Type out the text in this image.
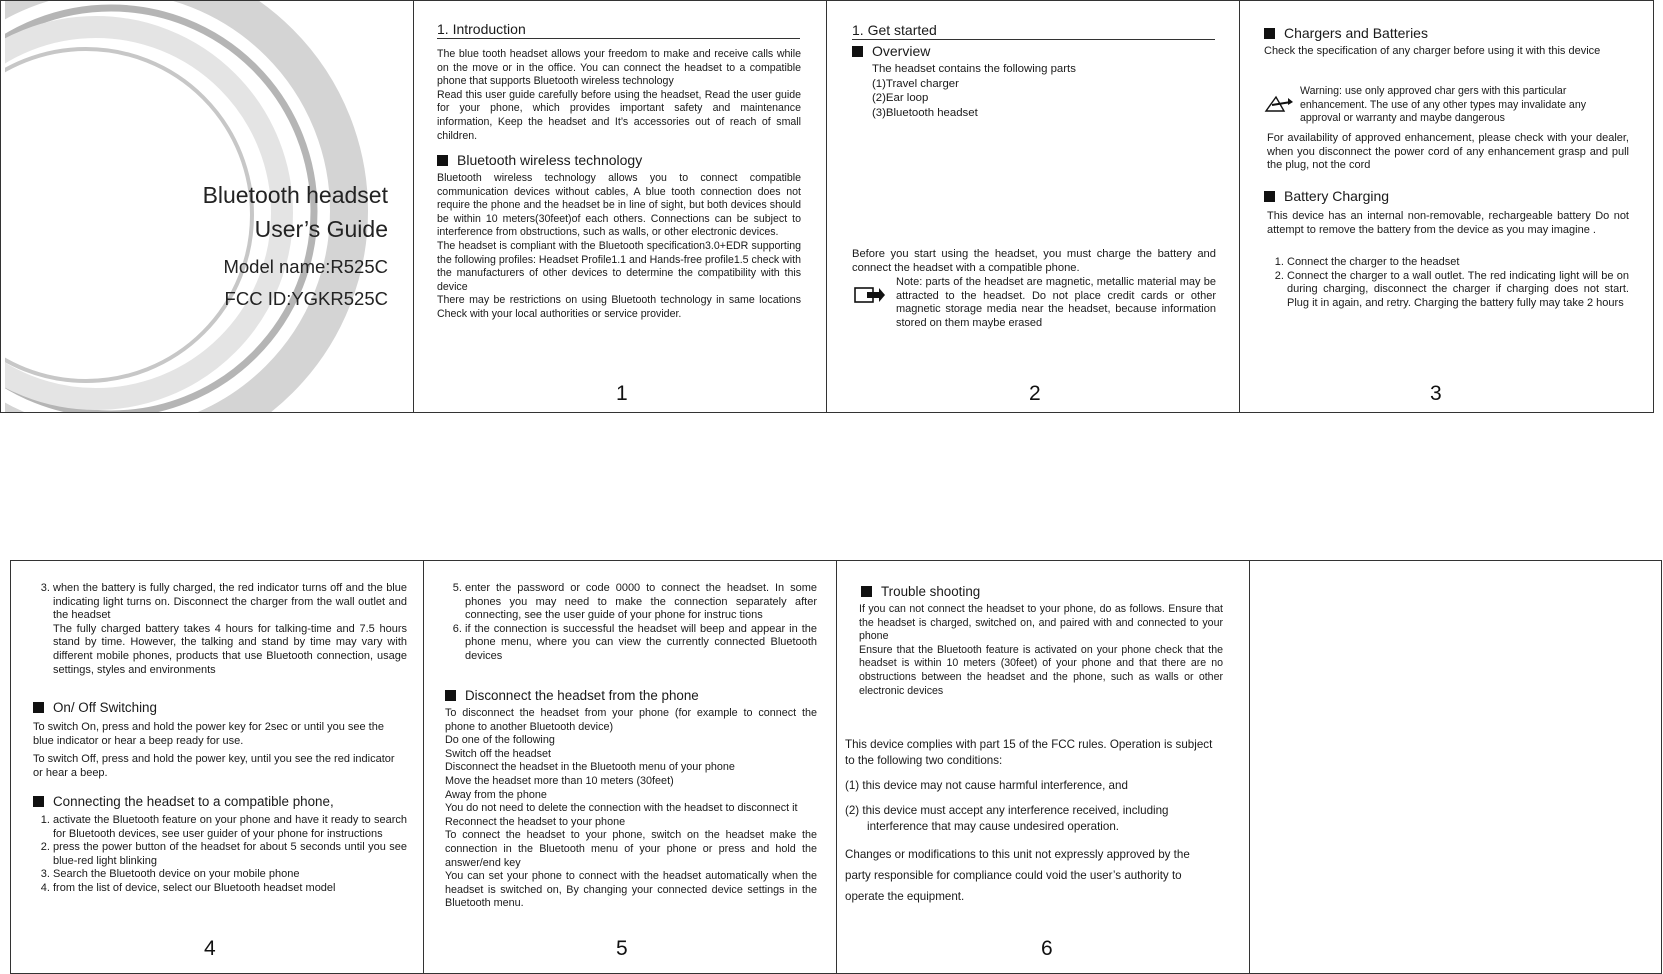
Bluetooth headset
User’s Guide
Model name:R525C
FCC ID:YGKR525C
1. Introduction

The blue tooth headset allows your freedom to make and receive calls while on the move or in the office. You can connect the headset to a compatible phone that supports Bluetooth wireless technology

Read this user guide carefully before using the headset, Read the user guide for your phone, which provides important safety and maintenance information, Keep the headset and It’s accessories out of reach of small children.

Bluetooth wireless technology

Bluetooth wireless technology allows you to connect compatible communication devices without cables, A blue tooth connection does not require the phone and the headset be in line of sight, but both devices should be within 10 meters(30feet)of each others. Connections can be subject to interference from obstructions, such as walls, or other electronic devices.

The headset is compliant with the Bluetooth specification3.0+EDR supporting the following profiles: Headset Profile1.1 and Hands-free profile1.5 check with the manufacturers of other devices to determine the compatibility with this device

There may be restrictions on using Bluetooth technology in same locations Check with your local authorities or service provider.

1
1. Get started
Overview

The headset contains the following parts

(1)Travel charger

(2)Ear loop

(3)Bluetooth headset

Before you start using the headset, you must charge the battery and connect the headset with a compatible phone.
Note: parts of the headset are magnetic, metallic material may be attracted to the headset. Do not place credit cards or other magnetic storage media near the headset, because information stored on them maybe erased
2
Chargers and Batteries
Check the specification of any charger before using it with this device
Warning: use only approved char gers with this particular enhancement. The use of any other types may invalidate any approval or warranty and maybe dangerous
For availability of approved enhancement, please check with your dealer, when you disconnect the power cord of any enhancement grasp and pull the plug, not the cord
Battery Charging
This device has an internal non-removable, rechargeable battery Do not attempt to remove the battery from the device as you may imagine .
1. Connect the charger to the headset
2. Connect the charger to a wall outlet. The red indicating light will be on during charging, disconnect the charger if charging does not start. Plug it in again, and retry. Charging the battery fully may take 2 hours
3
3. when the battery is fully charged, the red indicator turns off and the blue indicating light turns on. Disconnect the charger from the wall outlet and the headset

The fully charged battery takes 4 hours for talking-time and 7.5 hours stand by time. However, the talking and stand by time may vary with different mobile phones, products that use Bluetooth connection, usage settings, styles and environments

On/ Off Switching
To switch On, press and hold the power key for 2sec or until you see the blue indicator or hear a beep ready for use.
To switch Off, press and hold the power key, until you see the red indicator or hear a beep.
Connecting the headset to a compatible phone,
1. activate the Bluetooth feature on your phone and have it ready to search for Bluetooth devices, see user guider of your phone for instructions
2. press the power button of the headset for about 5 seconds until you see blue-red light blinking
3. Search the Bluetooth device on your mobile phone
4. from the list of device, select our Bluetooth headset model
4
5. enter the password or code 0000 to connect the headset. In some phones you may need to make the connection separately after connecting, see the user guide of your phone for instruc tions
6. if the connection is successful the headset will beep and appear in the phone menu, where you can view the currently connected Bluetooth devices
Disconnect the headset from the phone

To disconnect the headset from your phone (for example to connect the phone to another Bluetooth device)

Do one of the following

Switch off the headset

Disconnect the headset in the Bluetooth menu of your phone

Move the headset more than 10 meters (30feet)

Away from the phone

You do not need to delete the connection with the headset to disconnect it

Reconnect the headset to your phone

To connect the headset to your phone, switch on the headset make the connection in the Bluetooth menu of your phone or press and hold the answer/end key

You can set your phone to connect with the headset automatically when the headset is switched on, By changing your connected device settings in the Bluetooth menu.

5
Trouble shooting

If you can not connect the headset to your phone, do as follows. Ensure that the headset is charged, switched on, and paired with and connected to your phone

Ensure that the Bluetooth feature is activated on your phone check that the headset is within 10 meters (30feet) of your phone and that there are no obstructions between the headset and the phone, such as walls or other electronic devices

This device complies with part 15 of the FCC rules. Operation is subject to the following two conditions:

(1) this device may not cause harmful interference, and

(2) this device must accept any interference received, including interference that may cause undesired operation.

Changes or modifications to this unit not expressly approved by the party responsible for compliance could void the user’s authority to operate the equipment.

6
